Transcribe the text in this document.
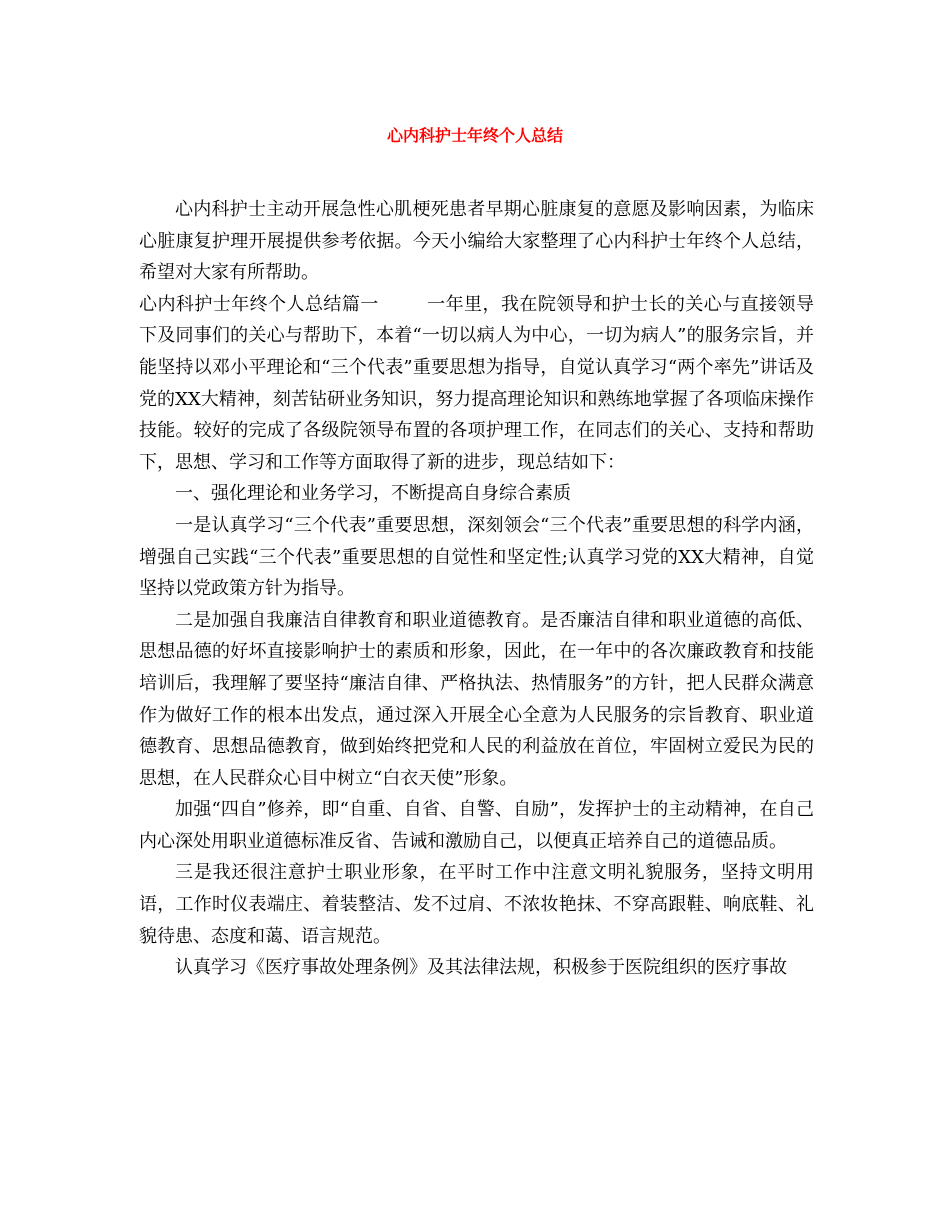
心内科护士年终个人总结

心内科护士主动开展急性心肌梗死患者早期心脏康复的意愿及影响因素，为临床心脏康复护理开展提供参考依据。今天小编给大家整理了心内科护士年终个人总结，希望对大家有所帮助。

心内科护士年终个人总结篇一	一年里，我在院领导和护士长的关心与直接领导下及同事们的关心与帮助下，本着“一切以病人为中心，一切为病人”的服务宗旨，并能坚持以邓小平理论和“三个代表”重要思想为指导，自觉认真学习“两个率先”讲话及党的XX大精神，刻苦钻研业务知识，努力提高理论知识和熟练地掌握了各项临床操作技能。较好的完成了各级院领导布置的各项护理工作，在同志们的关心、支持和帮助下，思想、学习和工作等方面取得了新的进步，现总结如下：

一、强化理论和业务学习，不断提高自身综合素质

一是认真学习“三个代表”重要思想，深刻领会“三个代表”重要思想的科学内涵，增强自己实践“三个代表”重要思想的自觉性和坚定性;认真学习党的XX大精神，自觉坚持以党政策方针为指导。

二是加强自我廉洁自律教育和职业道德教育。是否廉洁自律和职业道德的高低、思想品德的好坏直接影响护士的素质和形象，因此，在一年中的各次廉政教育和技能培训后，我理解了要坚持“廉洁自律、严格执法、热情服务”的方针，把人民群众满意作为做好工作的根本出发点，通过深入开展全心全意为人民服务的宗旨教育、职业道德教育、思想品德教育，做到始终把党和人民的利益放在首位，牢固树立爱民为民的思想，在人民群众心目中树立“白衣天使”形象。

加强“四自”修养，即“自重、自省、自警、自励”，发挥护士的主动精神，在自己内心深处用职业道德标准反省、告诫和激励自己，以便真正培养自己的道德品质。

三是我还很注意护士职业形象，在平时工作中注意文明礼貌服务，坚持文明用语，工作时仪表端庄、着装整洁、发不过肩、不浓妆艳抹、不穿高跟鞋、响底鞋、礼貌待患、态度和蔼、语言规范。

认真学习《医疗事故处理条例》及其法律法规，积极参于医院组织的医疗事故
